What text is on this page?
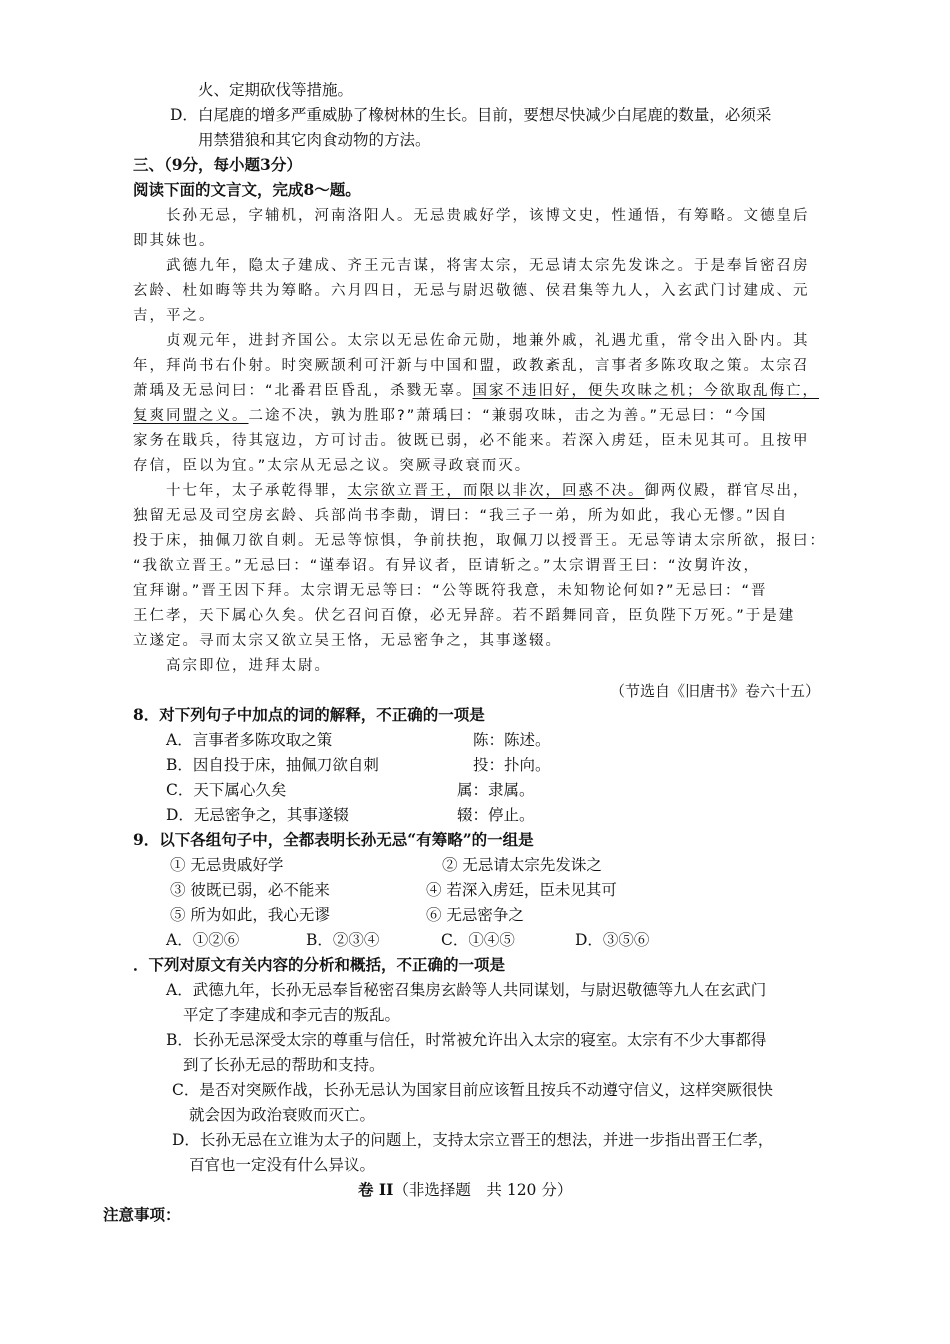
火、定期砍伐等措施。
D．白尾鹿的增多严重威胁了橡树林的生长。目前，要想尽快减少白尾鹿的数量，必须采
用禁猎狼和其它肉食动物的方法。
三、（9分，每小题3分）
阅读下面的文言文，完成8～题。
长孙无忌，字辅机，河南洛阳人。无忌贵戚好学，该博文史，性通悟，有筹略。文德皇后
即其妹也。
武德九年，隐太子建成、齐王元吉谋，将害太宗，无忌请太宗先发诛之。于是奉旨密召房
玄龄、杜如晦等共为筹略。六月四日，无忌与尉迟敬德、侯君集等九人，入玄武门讨建成、元
吉，平之。
贞观元年，进封齐国公。太宗以无忌佐命元勋，地兼外戚，礼遇尤重，常令出入卧内。其
年，拜尚书右仆射。时突厥颉利可汗新与中国和盟，政教紊乱，言事者多陈攻取之策。太宗召
萧瑀及无忌问曰：“北番君臣昏乱，杀戮无辜。国家不违旧好，便失攻昧之机；今欲取乱侮亡，
复爽同盟之义。二途不决，孰为胜耶?”萧瑀曰：“兼弱攻昧，击之为善。”无忌曰：“今国
家务在戢兵，待其寇边，方可讨击。彼既已弱，必不能来。若深入虏廷，臣未见其可。且按甲
存信，臣以为宜。”太宗从无忌之议。突厥寻政衰而灭。
十七年，太子承乾得罪，太宗欲立晋王，而限以非次，回惑不决。御两仪殿，群官尽出，
独留无忌及司空房玄龄、兵部尚书李勣，谓曰：“我三子一弟，所为如此，我心无憀。”因自
投于床，抽佩刀欲自刺。无忌等惊惧，争前扶抱，取佩刀以授晋王。无忌等请太宗所欲，报曰：
“我欲立晋王。”无忌曰：“谨奉诏。有异议者，臣请斩之。”太宗谓晋王曰：“汝舅许汝，
宜拜谢。”晋王因下拜。太宗谓无忌等曰：“公等既符我意，未知物论何如?”无忌曰：“晋
王仁孝，天下属心久矣。伏乞召问百僚，必无异辞。若不蹈舞同音，臣负陛下万死。”于是建
立遂定。寻而太宗又欲立吴王恪，无忌密争之，其事遂辍。
高宗即位，进拜太尉。
（节选自《旧唐书》卷六十五）
8．对下列句子中加点的词的解释，不正确的一项是
A．言事者多陈攻取之策	陈：陈述。
B．因自投于床，抽佩刀欲自刺	投：扑向。
C．天下属心久矣	属：隶属。
D．无忌密争之，其事遂辍	辍：停止。
9．以下各组句子中，全都表明长孙无忌“有筹略”的一组是
① 无忌贵戚好学	② 无忌请太宗先发诛之
③ 彼既已弱，必不能来	④ 若深入虏廷，臣未见其可
⑤ 所为如此，我心无谬	⑥ 无忌密争之
A．①②⑥	B．②③④	C．①④⑤	D．③⑤⑥
．下列对原文有关内容的分析和概括，不正确的一项是
A．武德九年，长孙无忌奉旨秘密召集房玄龄等人共同谋划，与尉迟敬德等九人在玄武门
平定了李建成和李元吉的叛乱。
B．长孙无忌深受太宗的尊重与信任，时常被允许出入太宗的寝室。太宗有不少大事都得
到了长孙无忌的帮助和支持。
C．是否对突厥作战，长孙无忌认为国家目前应该暂且按兵不动遵守信义，这样突厥很快
就会因为政治衰败而灭亡。
D．长孙无忌在立谁为太子的问题上，支持太宗立晋王的想法，并进一步指出晋王仁孝，
百官也一定没有什么异议。
卷 II（非选择题　共 120 分）
注意事项：
